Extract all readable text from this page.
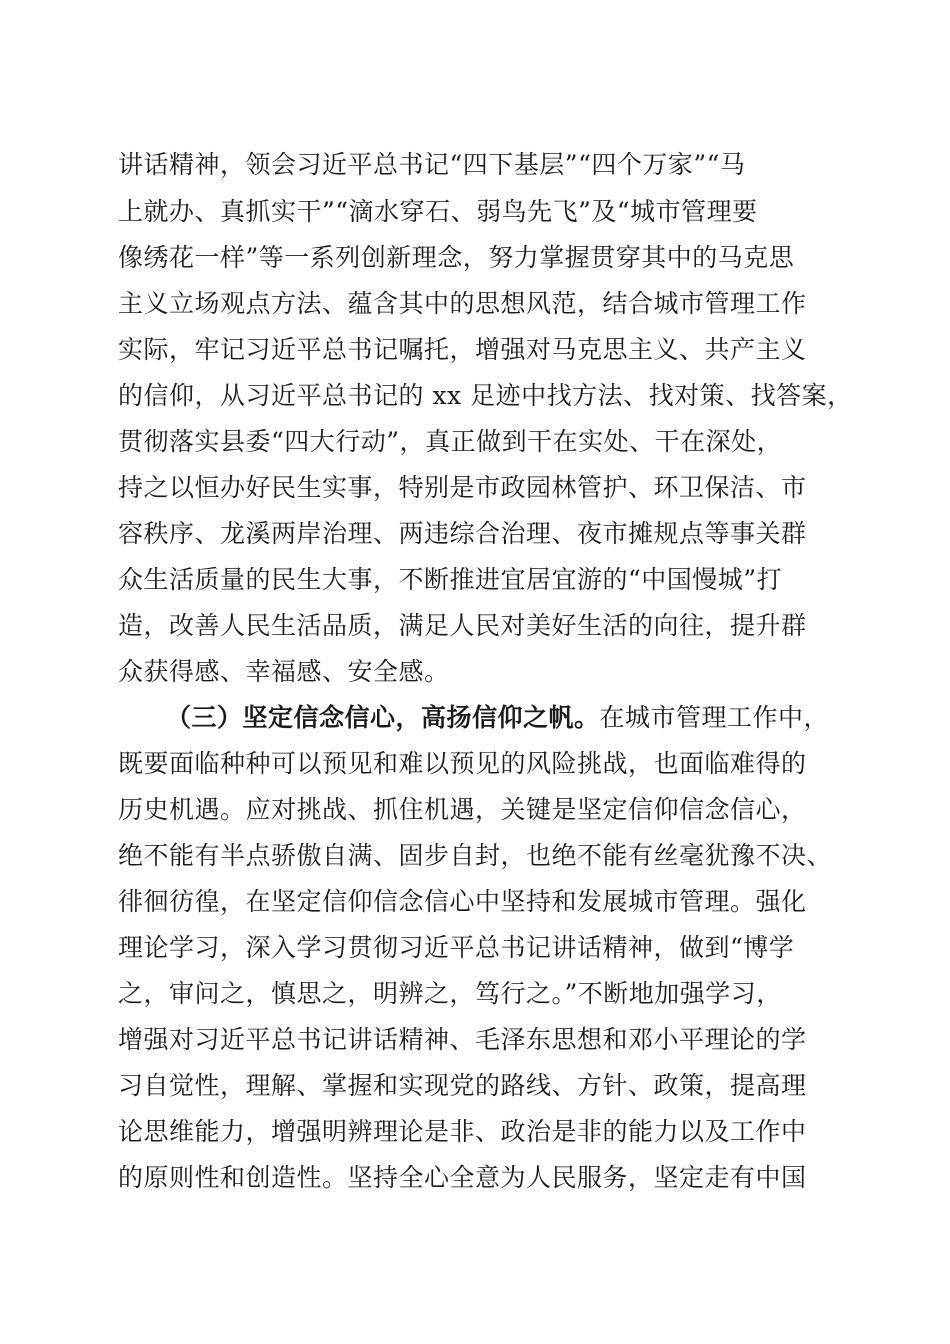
讲话精神，领会习近平总书记“四下基层”“四个万家”“马
上就办、真抓实干”“滴水穿石、弱鸟先飞”及“城市管理要
像绣花一样”等一系列创新理念，努力掌握贯穿其中的马克思
主义立场观点方法、蕴含其中的思想风范，结合城市管理工作
实际，牢记习近平总书记嘱托，增强对马克思主义、共产主义
的信仰，从习近平总书记的 xx 足迹中找方法、找对策、找答案，
贯彻落实县委“四大行动”，真正做到干在实处、干在深处，
持之以恒办好民生实事，特别是市政园林管护、环卫保洁、市
容秩序、龙溪两岸治理、两违综合治理、夜市摊规点等事关群
众生活质量的民生大事，不断推进宜居宜游的“中国慢城”打
造，改善人民生活品质，满足人民对美好生活的向往，提升群
众获得感、幸福感、安全感。
（三）坚定信念信心，高扬信仰之帆。在城市管理工作中，
既要面临种种可以预见和难以预见的风险挑战，也面临难得的
历史机遇。应对挑战、抓住机遇，关键是坚定信仰信念信心，
绝不能有半点骄傲自满、固步自封，也绝不能有丝毫犹豫不决、
徘徊彷徨，在坚定信仰信念信心中坚持和发展城市管理。强化
理论学习，深入学习贯彻习近平总书记讲话精神，做到“博学
之，审问之，慎思之，明辨之，笃行之。”不断地加强学习，
增强对习近平总书记讲话精神、毛泽东思想和邓小平理论的学
习自觉性，理解、掌握和实现党的路线、方针、政策，提高理
论思维能力，增强明辨理论是非、政治是非的能力以及工作中
的原则性和创造性。坚持全心全意为人民服务，坚定走有中国
